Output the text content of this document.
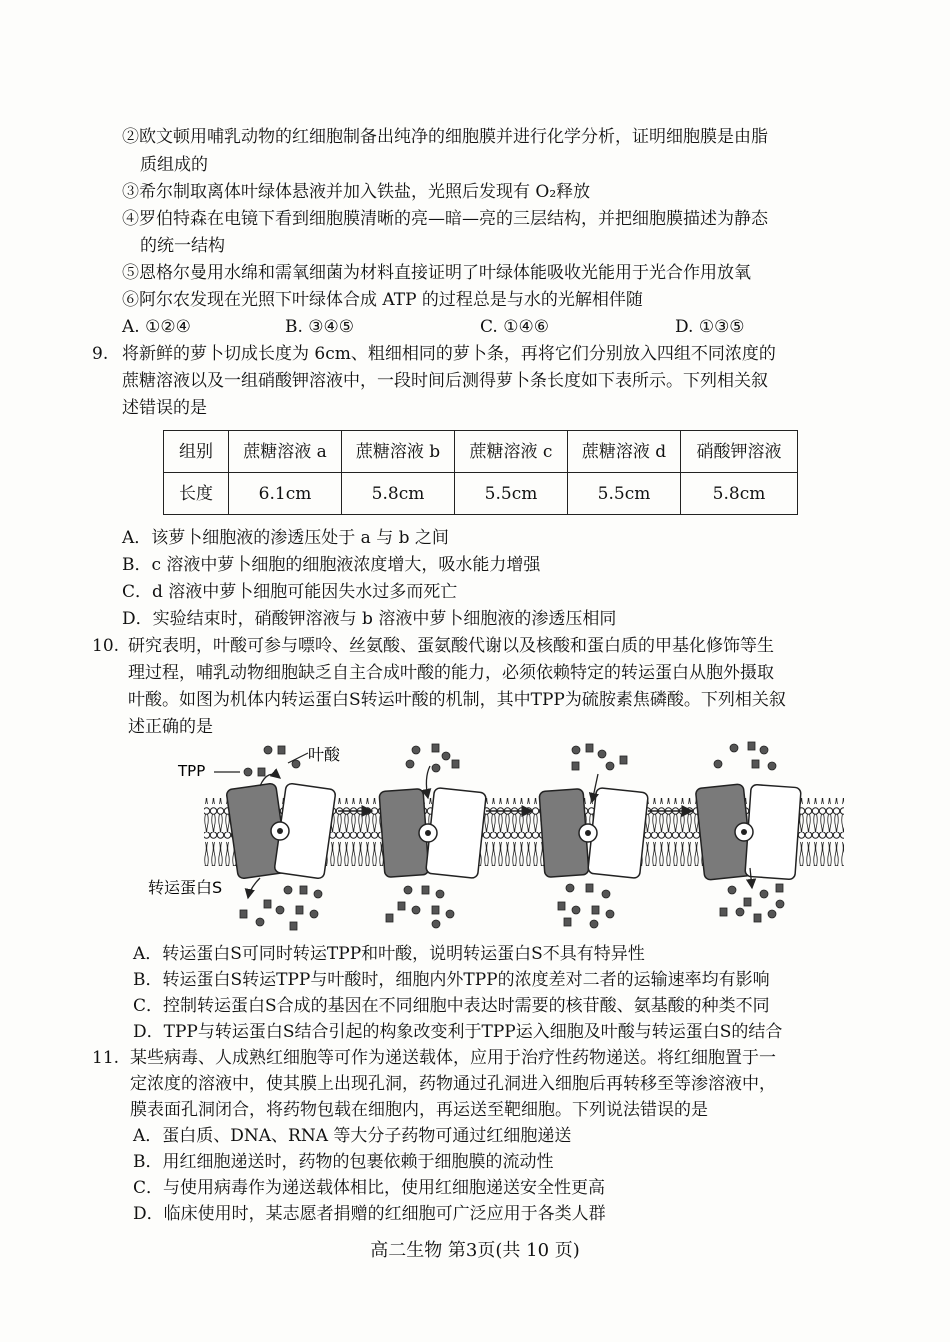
②欧文顿用哺乳动物的红细胞制备出纯净的细胞膜并进行化学分析，证明细胞膜是由脂
质组成的
③希尔制取离体叶绿体悬液并加入铁盐，光照后发现有 O₂释放
④罗伯特森在电镜下看到细胞膜清晰的亮—暗—亮的三层结构，并把细胞膜描述为静态
的统一结构
⑤恩格尔曼用水绵和需氧细菌为材料直接证明了叶绿体能吸收光能用于光合作用放氧
⑥阿尔农发现在光照下叶绿体合成 ATP 的过程总是与水的光解相伴随
A. ①②④	B. ③④⑤	C. ①④⑥	D. ①③⑤
9. 将新鲜的萝卜切成长度为 6cm、粗细相同的萝卜条，再将它们分别放入四组不同浓度的
蔗糖溶液以及一组硝酸钾溶液中，一段时间后测得萝卜条长度如下表所示。下列相关叙
述错误的是
组别	蔗糖溶液 a	蔗糖溶液 b	蔗糖溶液 c	蔗糖溶液 d	硝酸钾溶液
长度	6.1cm	5.8cm	5.5cm	5.5cm	5.8cm
A．该萝卜细胞液的渗透压处于 a 与 b 之间
B．c 溶液中萝卜细胞的细胞液浓度增大，吸水能力增强
C．d 溶液中萝卜细胞可能因失水过多而死亡
D．实验结束时，硝酸钾溶液与 b 溶液中萝卜细胞液的渗透压相同
10. 研究表明，叶酸可参与嘌呤、丝氨酸、蛋氨酸代谢以及核酸和蛋白质的甲基化修饰等生
理过程，哺乳动物细胞缺乏自主合成叶酸的能力，必须依赖特定的转运蛋白从胞外摄取
叶酸。如图为机体内转运蛋白S转运叶酸的机制，其中TPP为硫胺素焦磷酸。下列相关叙
述正确的是
TPP
叶酸
转运蛋白S
A．转运蛋白S可同时转运TPP和叶酸，说明转运蛋白S不具有特异性
B．转运蛋白S转运TPP与叶酸时，细胞内外TPP的浓度差对二者的运输速率均有影响
C．控制转运蛋白S合成的基因在不同细胞中表达时需要的核苷酸、氨基酸的种类不同
D．TPP与转运蛋白S结合引起的构象改变利于TPP运入细胞及叶酸与转运蛋白S的结合
11. 某些病毒、人成熟红细胞等可作为递送载体，应用于治疗性药物递送。将红细胞置于一
定浓度的溶液中，使其膜上出现孔洞，药物通过孔洞进入细胞后再转移至等渗溶液中，
膜表面孔洞闭合，将药物包载在细胞内，再运送至靶细胞。下列说法错误的是
A．蛋白质、DNA、RNA 等大分子药物可通过红细胞递送
B．用红细胞递送时，药物的包裹依赖于细胞膜的流动性
C．与使用病毒作为递送载体相比，使用红细胞递送安全性更高
D．临床使用时，某志愿者捐赠的红细胞可广泛应用于各类人群
高二生物 第3页(共 10 页)
